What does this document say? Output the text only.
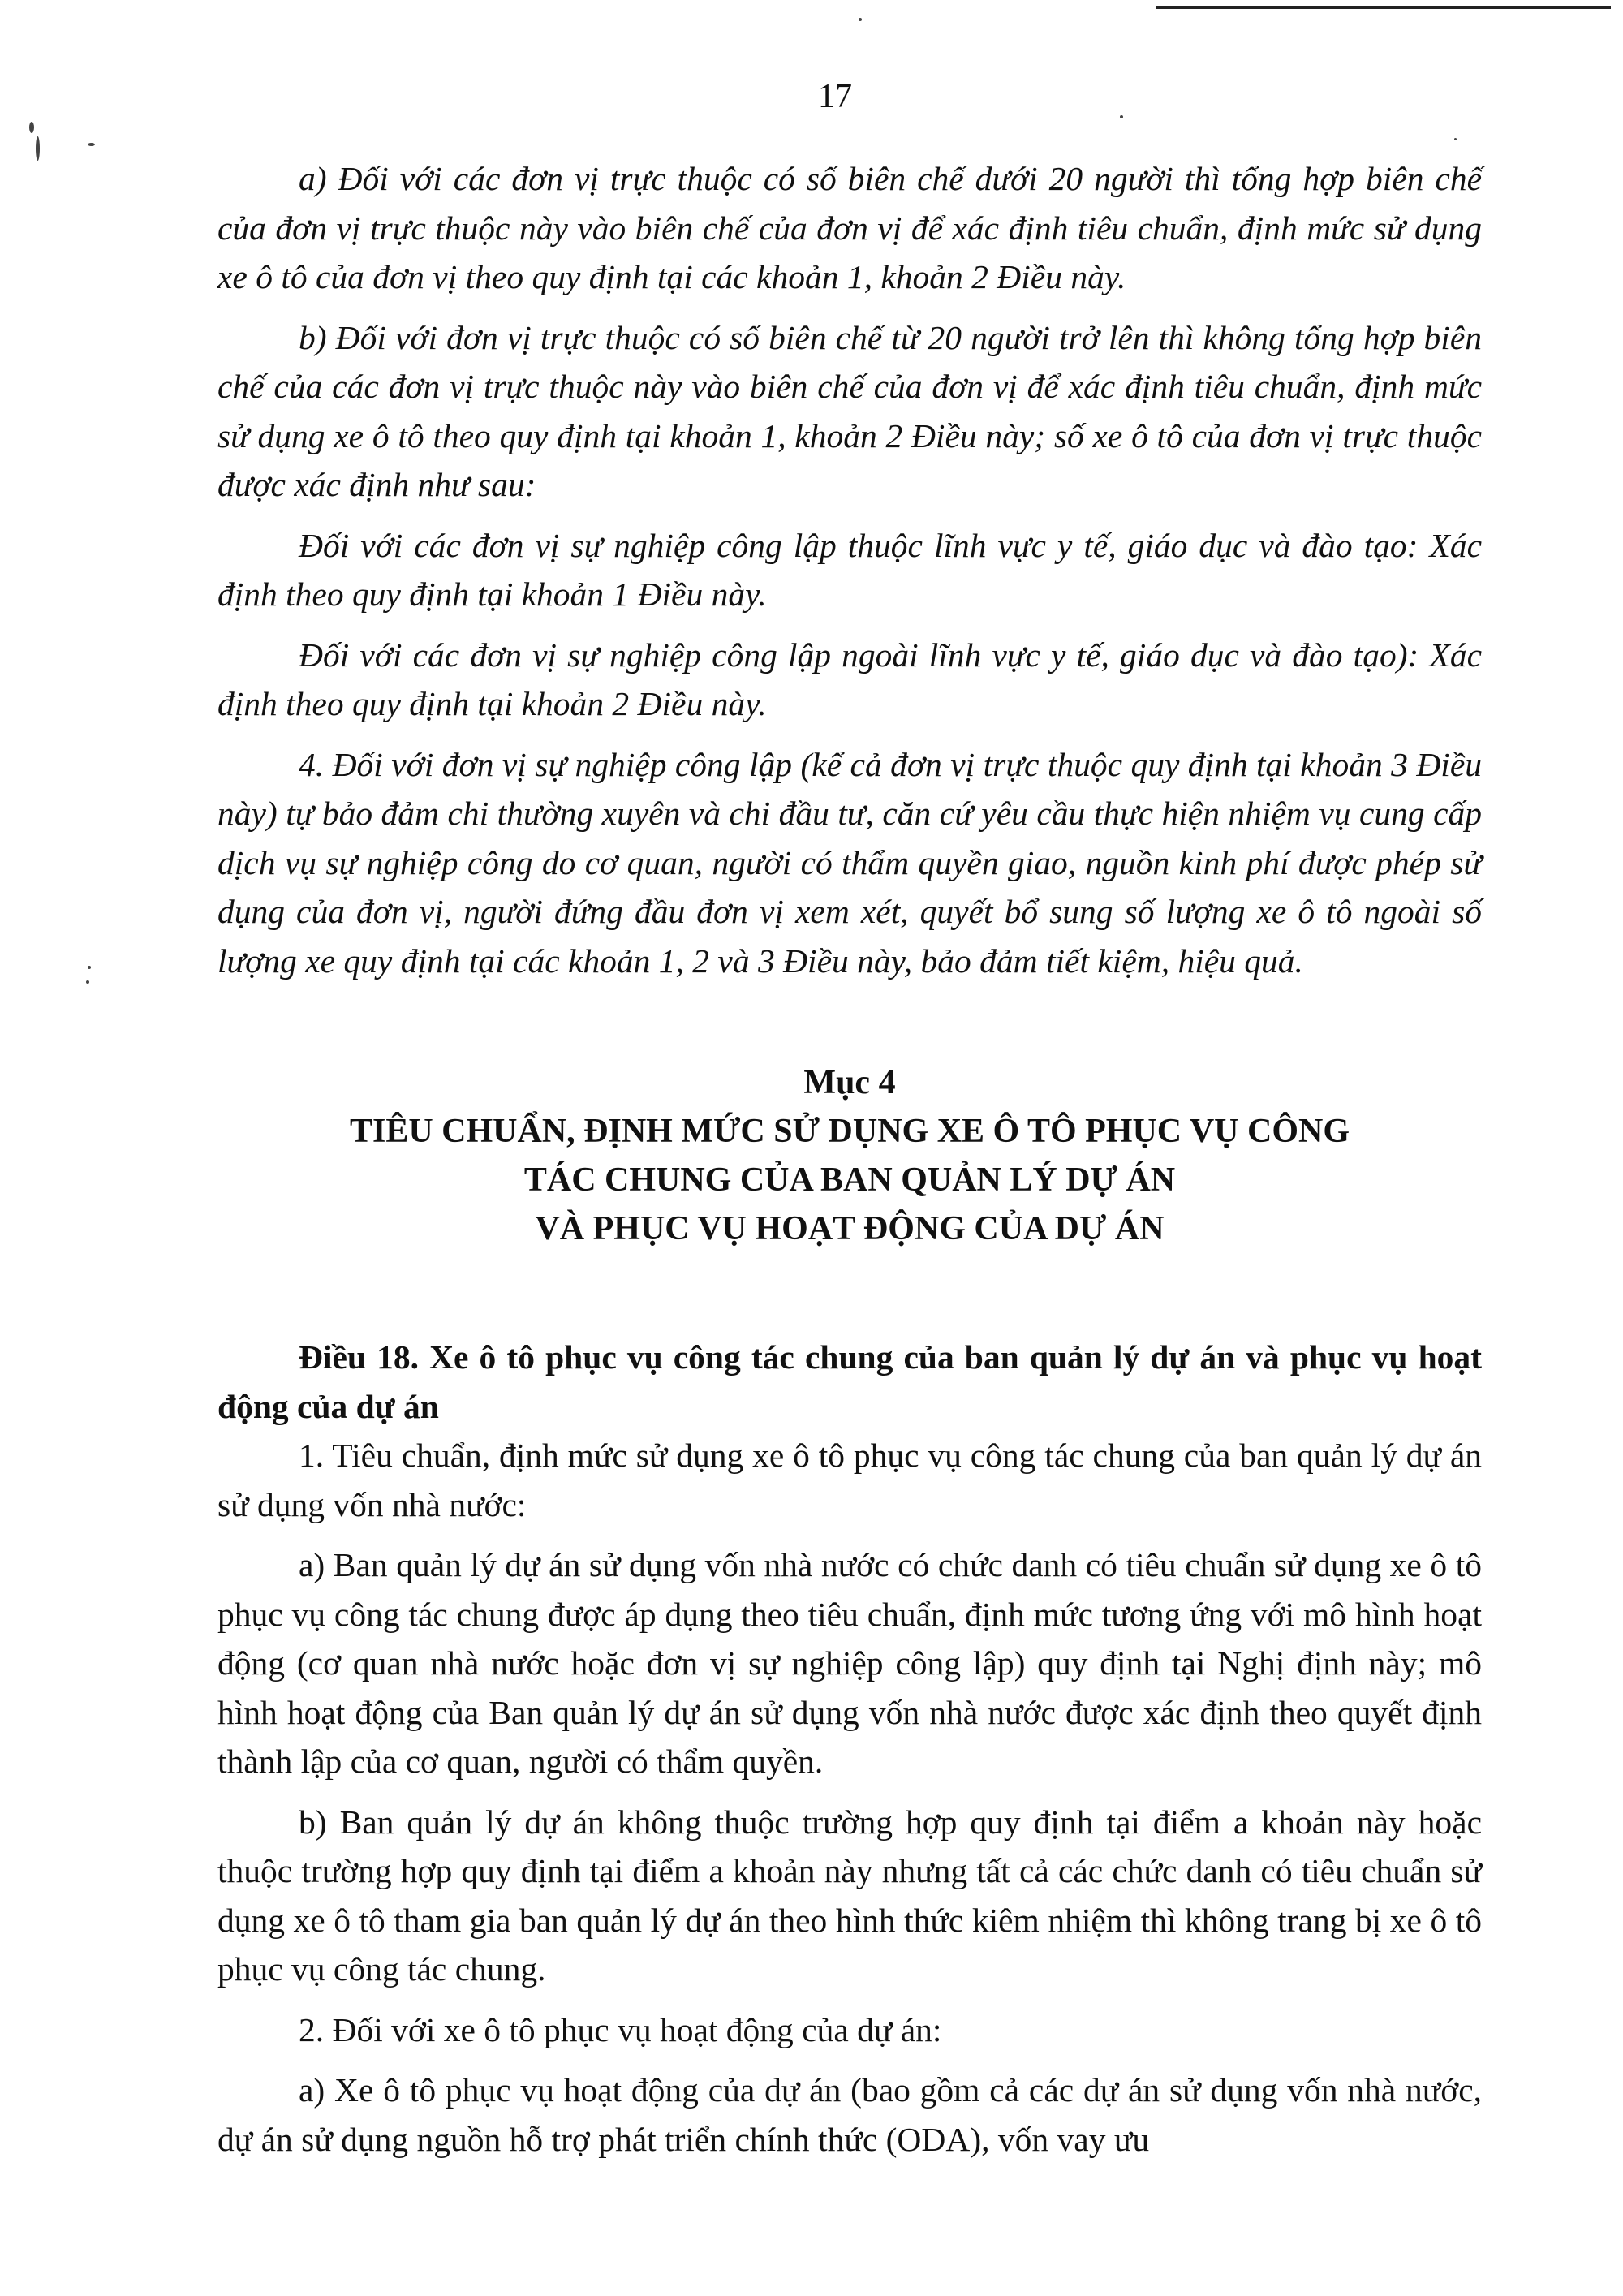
17

a) Đối với các đơn vị trực thuộc có số biên chế dưới 20 người thì tổng hợp biên chế của đơn vị trực thuộc này vào biên chế của đơn vị để xác định tiêu chuẩn, định mức sử dụng xe ô tô của đơn vị theo quy định tại các khoản 1, khoản 2 Điều này.

b) Đối với đơn vị trực thuộc có số biên chế từ 20 người trở lên thì không tổng hợp biên chế của các đơn vị trực thuộc này vào biên chế của đơn vị để xác định tiêu chuẩn, định mức sử dụng xe ô tô theo quy định tại khoản 1, khoản 2 Điều này; số xe ô tô của đơn vị trực thuộc được xác định như sau:

Đối với các đơn vị sự nghiệp công lập thuộc lĩnh vực y tế, giáo dục và đào tạo: Xác định theo quy định tại khoản 1 Điều này.

Đối với các đơn vị sự nghiệp công lập ngoài lĩnh vực y tế, giáo dục và đào tạo): Xác định theo quy định tại khoản 2 Điều này.

4. Đối với đơn vị sự nghiệp công lập (kể cả đơn vị trực thuộc quy định tại khoản 3 Điều này) tự bảo đảm chi thường xuyên và chi đầu tư, căn cứ yêu cầu thực hiện nhiệm vụ cung cấp dịch vụ sự nghiệp công do cơ quan, người có thẩm quyền giao, nguồn kinh phí được phép sử dụng của đơn vị, người đứng đầu đơn vị xem xét, quyết bổ sung số lượng xe ô tô ngoài số lượng xe quy định tại các khoản 1, 2 và 3 Điều này, bảo đảm tiết kiệm, hiệu quả.

Mục 4
TIÊU CHUẨN, ĐỊNH MỨC SỬ DỤNG XE Ô TÔ PHỤC VỤ CÔNG
TÁC CHUNG CỦA BAN QUẢN LÝ DỰ ÁN
VÀ PHỤC VỤ HOẠT ĐỘNG CỦA DỰ ÁN

Điều 18. Xe ô tô phục vụ công tác chung của ban quản lý dự án và phục vụ hoạt động của dự án

1. Tiêu chuẩn, định mức sử dụng xe ô tô phục vụ công tác chung của ban quản lý dự án sử dụng vốn nhà nước:

a) Ban quản lý dự án sử dụng vốn nhà nước có chức danh có tiêu chuẩn sử dụng xe ô tô phục vụ công tác chung được áp dụng theo tiêu chuẩn, định mức tương ứng với mô hình hoạt động (cơ quan nhà nước hoặc đơn vị sự nghiệp công lập) quy định tại Nghị định này; mô hình hoạt động của Ban quản lý dự án sử dụng vốn nhà nước được xác định theo quyết định thành lập của cơ quan, người có thẩm quyền.

b) Ban quản lý dự án không thuộc trường hợp quy định tại điểm a khoản này hoặc thuộc trường hợp quy định tại điểm a khoản này nhưng tất cả các chức danh có tiêu chuẩn sử dụng xe ô tô tham gia ban quản lý dự án theo hình thức kiêm nhiệm thì không trang bị xe ô tô phục vụ công tác chung.

2. Đối với xe ô tô phục vụ hoạt động của dự án:

a) Xe ô tô phục vụ hoạt động của dự án (bao gồm cả các dự án sử dụng vốn nhà nước, dự án sử dụng nguồn hỗ trợ phát triển chính thức (ODA), vốn vay ưu
